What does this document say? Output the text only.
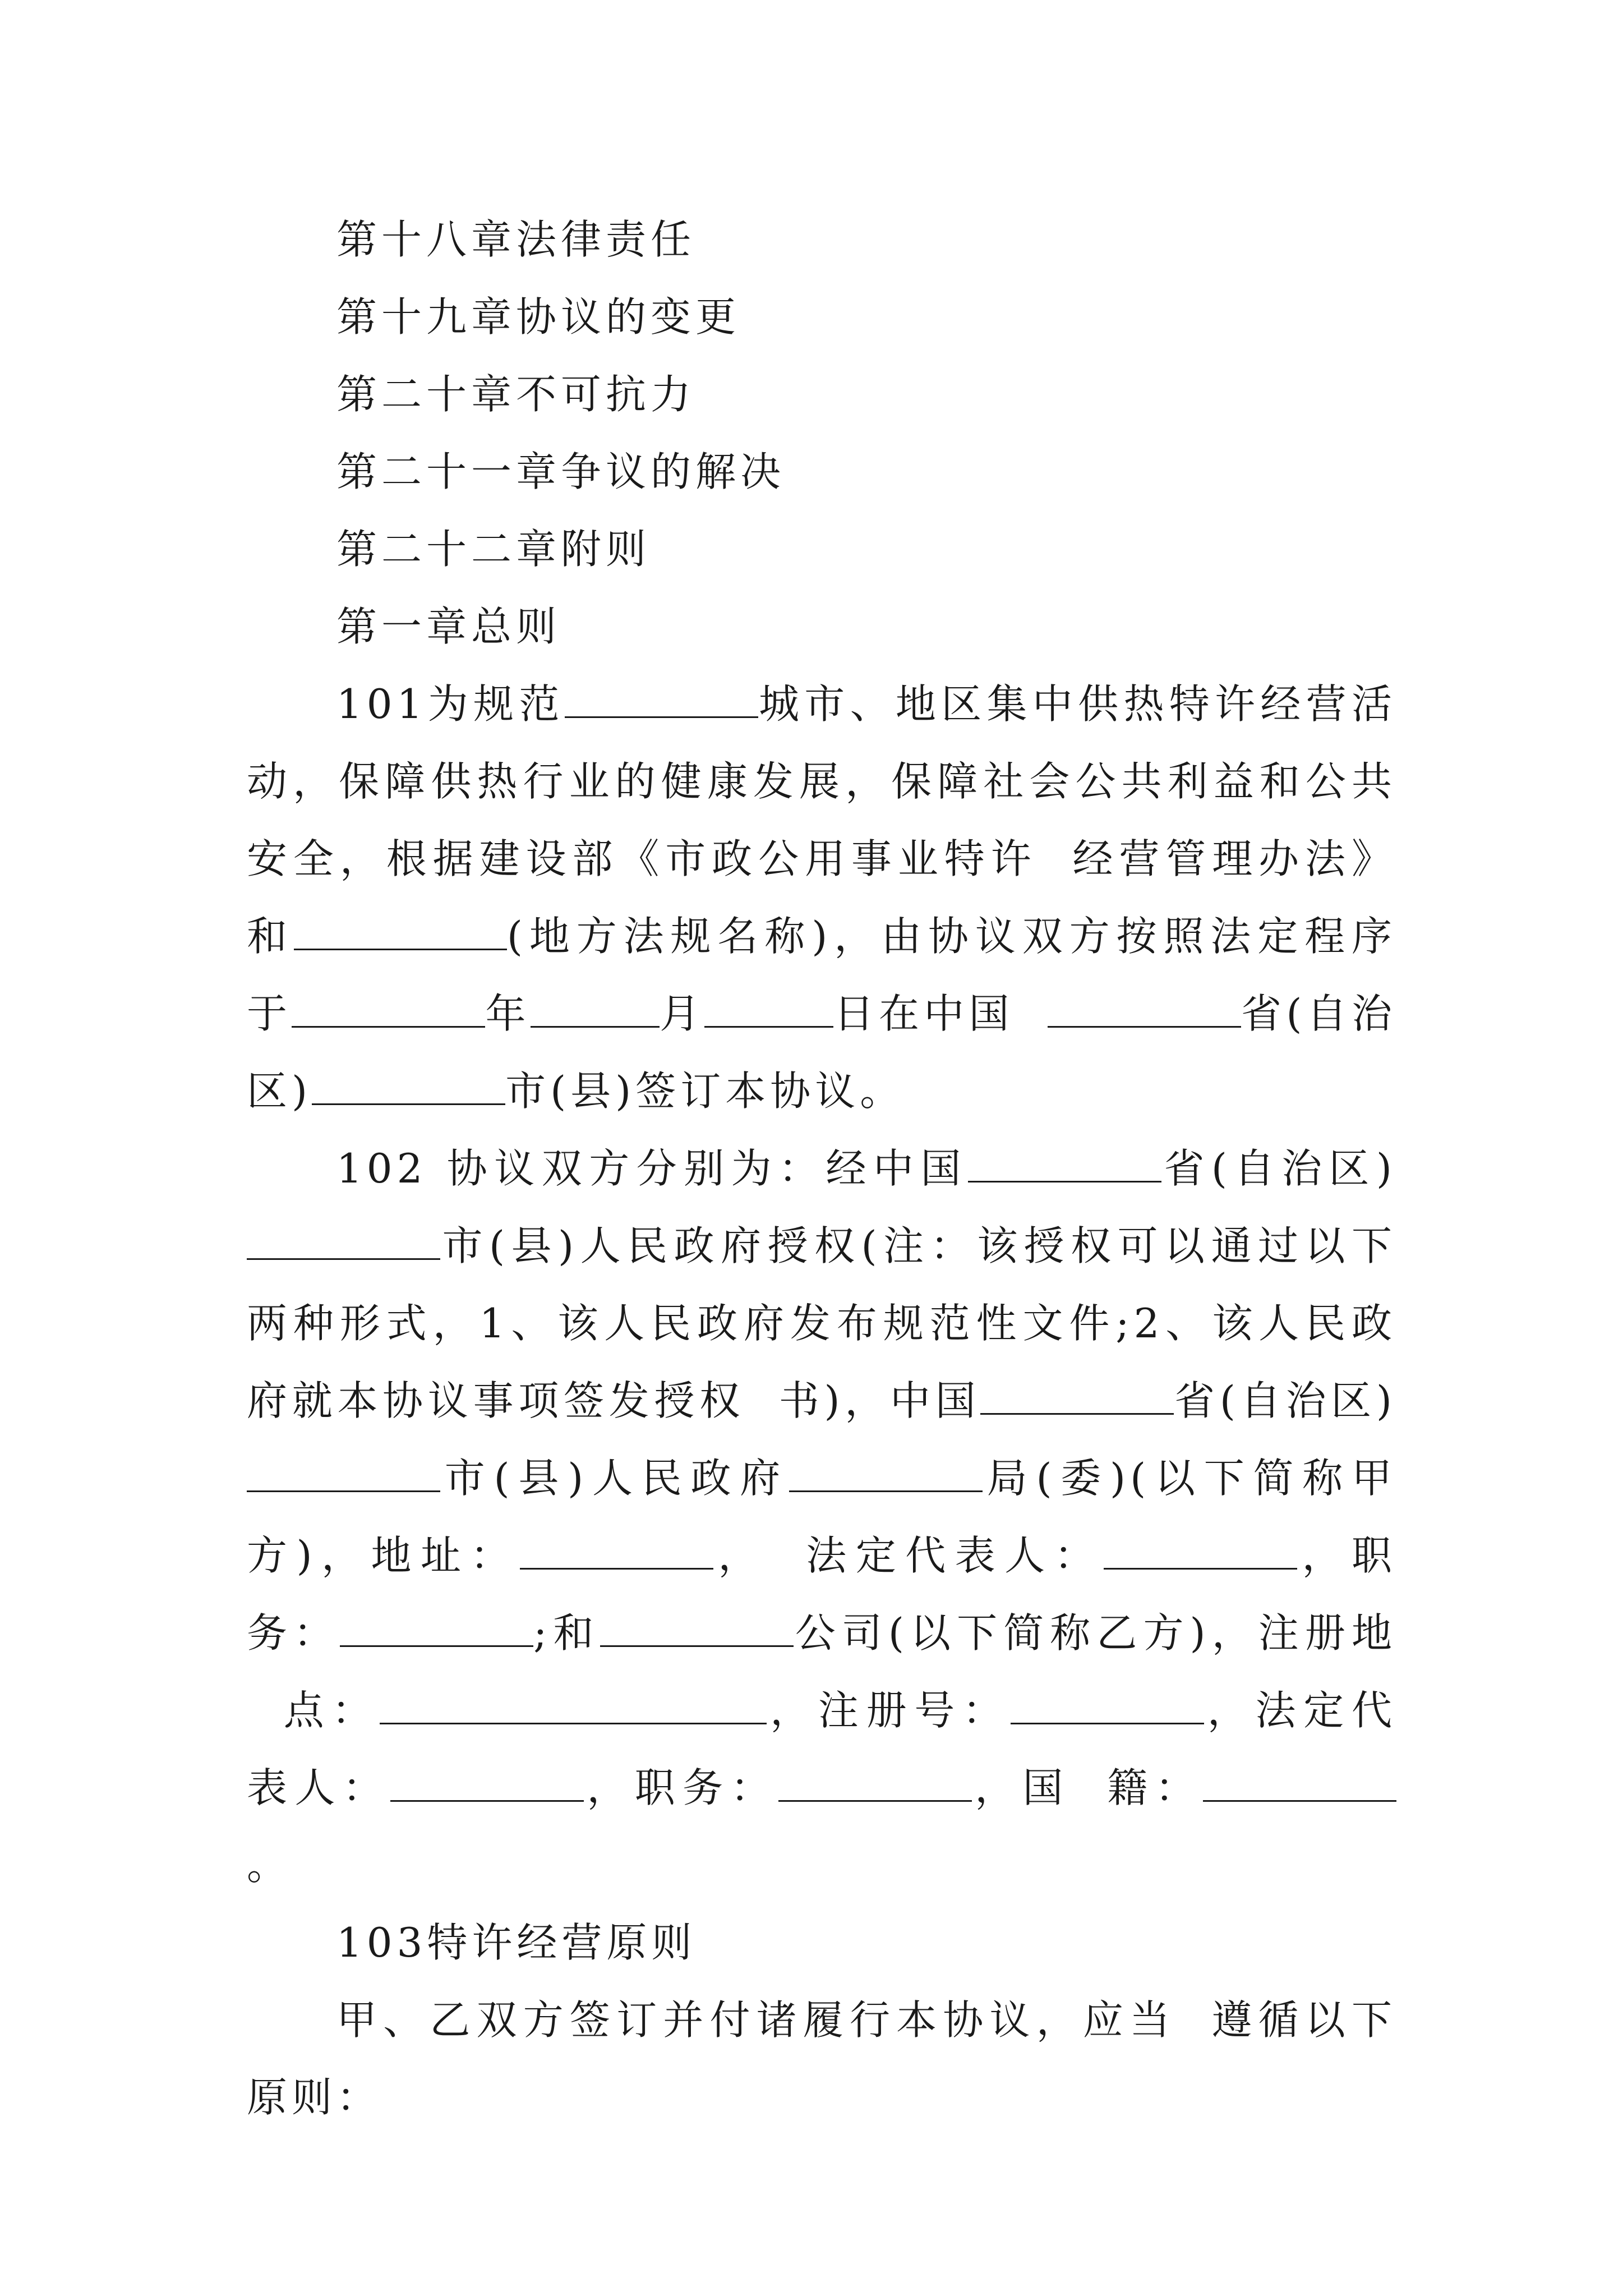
第十八章法律责任

第十九章协议的变更

第二十章不可抗力

第二十一章争议的解决

第二十二章附则

第一章总则

101为规范	城市、地区集中供热特许经营活动，保障供热行业的健康发展，保障社会公共利益和公共安全，根据建设部《市政公用事业特许 经营管理办法》和	(地方法规名称)，由协议双方按照法定程序于	年	月	日在中国	省(自治区)	市(县)签订本协议。

102 协议双方分别为：经中国	省(自治区)市(县)人民政府授权(注：该授权可以通过以下两种形式，1、该人民政府发布规范性文件;2、该人民政府就本协议事项签发授权 书)，中国	省(自治区)市(县)人民政府	局(委)(以下简称甲方)，地址：	， 法定代表人：	，职务：	;和	公司(以下简称乙方)，注册地点：	，注册号：	，法定代表人：	，职务：	，国 籍：。

103特许经营原则

甲、乙双方签订并付诸履行本协议，应当 遵循以下原则：
